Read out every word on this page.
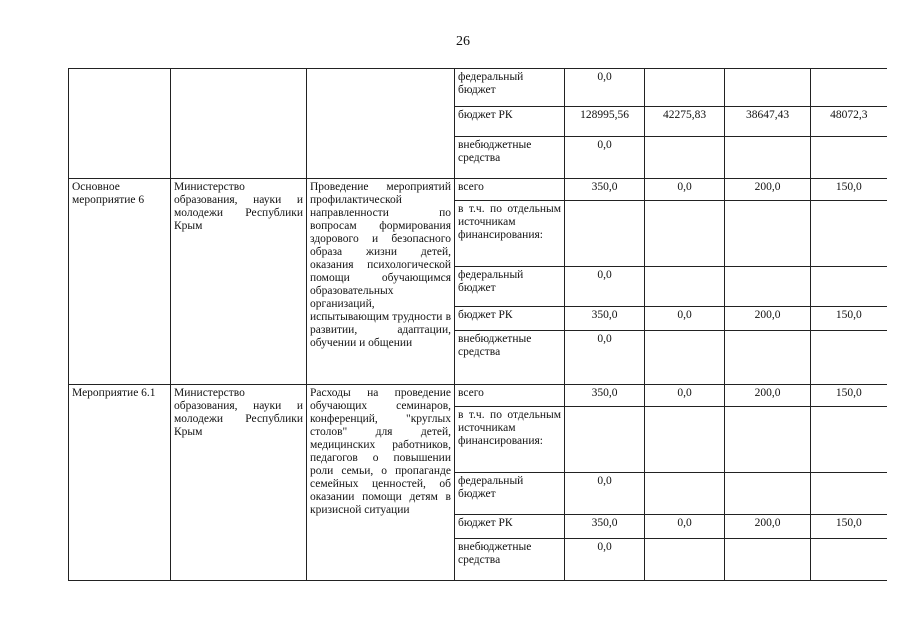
26
			федеральный бюджет	0,0			
			бюджет РК	128995,56	42275,83	38647,43	48072,3
			внебюджетные средства	0,0			
Основное мероприятие 6	Министерство образования, науки и молодежи Республики Крым	Проведение мероприятий профилактической направленности по вопросам формирования здорового и безопасного образа жизни детей, оказания психологической помощи обучающимся образовательных организаций, испытывающим трудности в развитии, адаптации, обучении и общении	всего	350,0	0,0	200,0	150,0
			в т.ч. по отдельным источникам финансирования:				
			федеральный бюджет	0,0			
			бюджет РК	350,0	0,0	200,0	150,0
			внебюджетные средства	0,0			
Мероприятие 6.1	Министерство образования, науки и молодежи Республики Крым	Расходы на проведение обучающих семинаров, конференций, "круглых столов" для детей, медицинских работников, педагогов о повышении роли семьи, о пропаганде семейных ценностей, об оказании помощи детям в кризисной ситуации	всего	350,0	0,0	200,0	150,0
			в т.ч. по отдельным источникам финансирования:				
			федеральный бюджет	0,0			
			бюджет РК	350,0	0,0	200,0	150,0
			внебюджетные средства	0,0			
